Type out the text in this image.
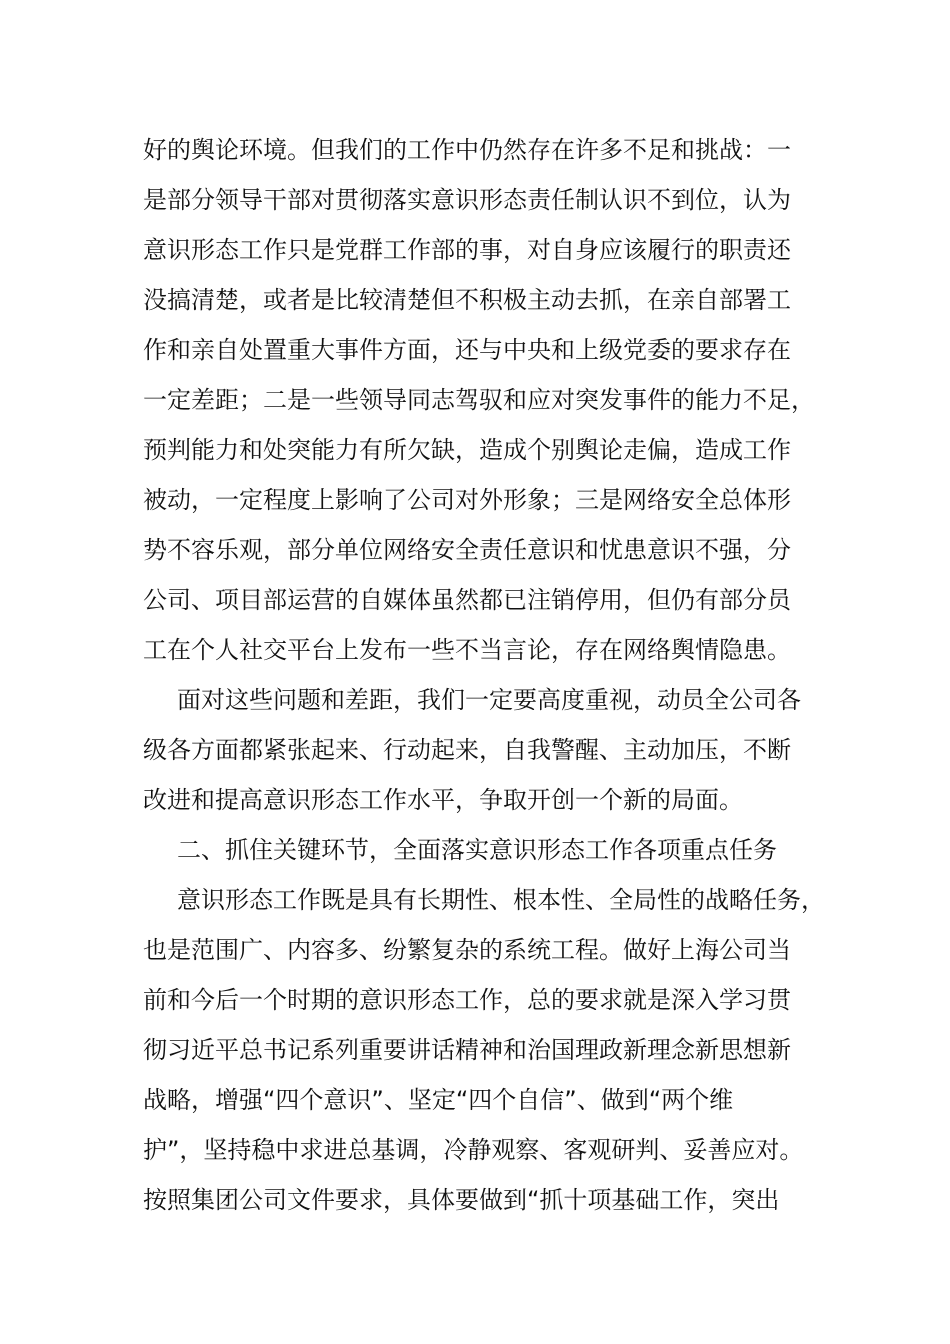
好的舆论环境。但我们的工作中仍然存在许多不足和挑战：一
是部分领导干部对贯彻落实意识形态责任制认识不到位，认为
意识形态工作只是党群工作部的事，对自身应该履行的职责还
没搞清楚，或者是比较清楚但不积极主动去抓，在亲自部署工
作和亲自处置重大事件方面，还与中央和上级党委的要求存在
一定差距；二是一些领导同志驾驭和应对突发事件的能力不足，
预判能力和处突能力有所欠缺，造成个别舆论走偏，造成工作
被动，一定程度上影响了公司对外形象；三是网络安全总体形
势不容乐观，部分单位网络安全责任意识和忧患意识不强，分
公司、项目部运营的自媒体虽然都已注销停用，但仍有部分员
工在个人社交平台上发布一些不当言论，存在网络舆情隐患。
面对这些问题和差距，我们一定要高度重视，动员全公司各
级各方面都紧张起来、行动起来，自我警醒、主动加压，不断
改进和提高意识形态工作水平，争取开创一个新的局面。
二、抓住关键环节，全面落实意识形态工作各项重点任务
意识形态工作既是具有长期性、根本性、全局性的战略任务，
也是范围广、内容多、纷繁复杂的系统工程。做好上海公司当
前和今后一个时期的意识形态工作，总的要求就是深入学习贯
彻习近平总书记系列重要讲话精神和治国理政新理念新思想新
战略，增强“四个意识”、坚定“四个自信”、做到“两个维
护”，坚持稳中求进总基调，冷静观察、客观研判、妥善应对。
按照集团公司文件要求，具体要做到“抓十项基础工作，突出
